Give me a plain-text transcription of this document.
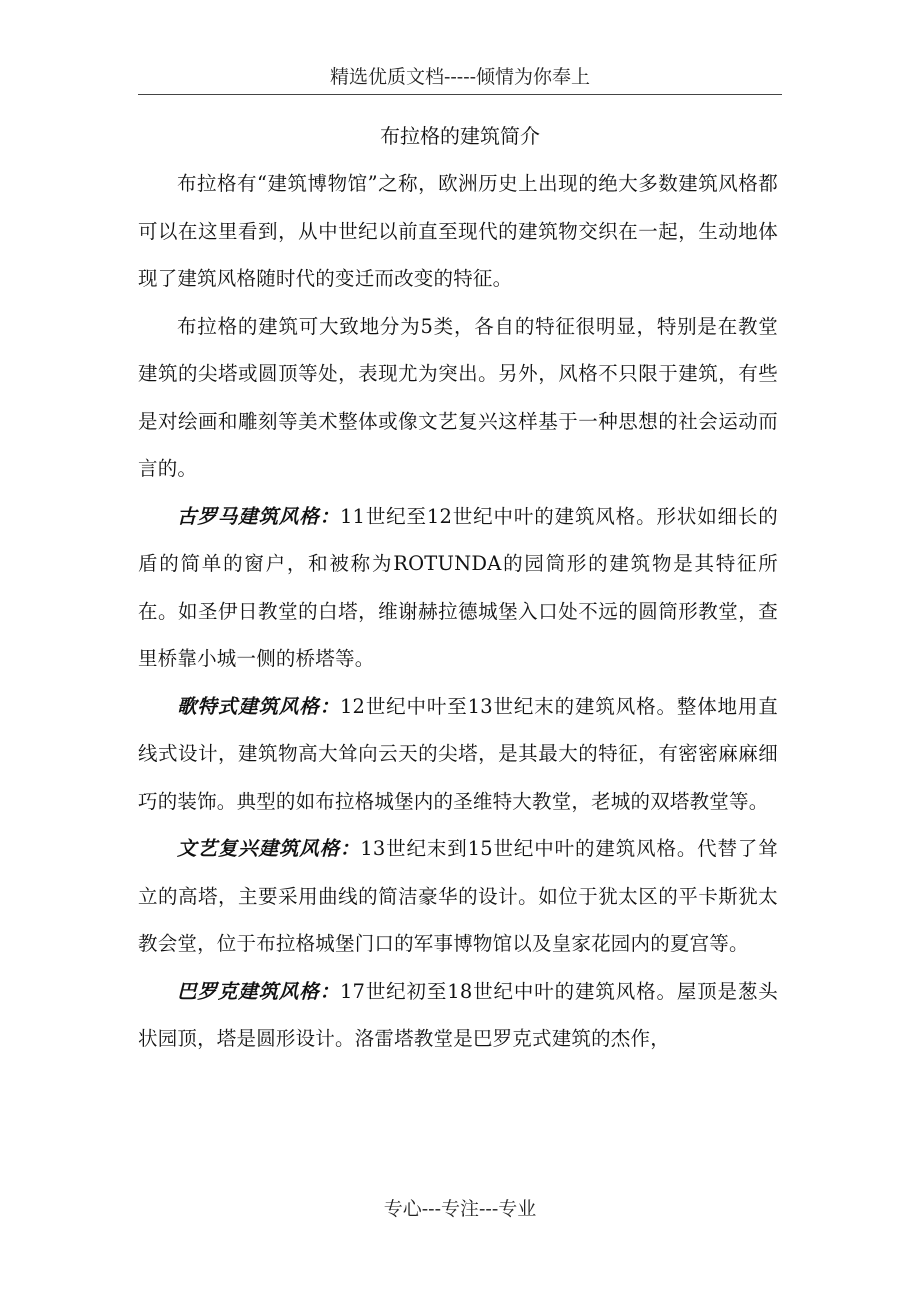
精选优质文档-----倾情为你奉上
布拉格的建筑简介

布拉格有“建筑博物馆”之称，欧洲历史上出现的绝大多数建筑风格都可以在这里看到，从中世纪以前直至现代的建筑物交织在一起，生动地体现了建筑风格随时代的变迁而改变的特征。

布拉格的建筑可大致地分为5类，各自的特征很明显，特别是在教堂建筑的尖塔或圆顶等处，表现尤为突出。另外，风格不只限于建筑，有些是对绘画和雕刻等美术整体或像文艺复兴这样基于一种思想的社会运动而言的。

古罗马建筑风格：11世纪至12世纪中叶的建筑风格。形状如细长的盾的简单的窗户，和被称为ROTUNDA的园筒形的建筑物是其特征所在。如圣伊日教堂的白塔，维谢赫拉德城堡入口处不远的圆筒形教堂，查里桥靠小城一侧的桥塔等。

歌特式建筑风格：12世纪中叶至13世纪末的建筑风格。整体地用直线式设计，建筑物高大耸向云天的尖塔，是其最大的特征，有密密麻麻细巧的装饰。典型的如布拉格城堡内的圣维特大教堂，老城的双塔教堂等。

文艺复兴建筑风格：13世纪末到15世纪中叶的建筑风格。代替了耸立的高塔，主要采用曲线的简洁豪华的设计。如位于犹太区的平卡斯犹太教会堂，位于布拉格城堡门口的军事博物馆以及皇家花园内的夏宫等。

巴罗克建筑风格：17世纪初至18世纪中叶的建筑风格。屋顶是葱头状园顶，塔是圆形设计。洛雷塔教堂是巴罗克式建筑的杰作，

专心---专注---专业
